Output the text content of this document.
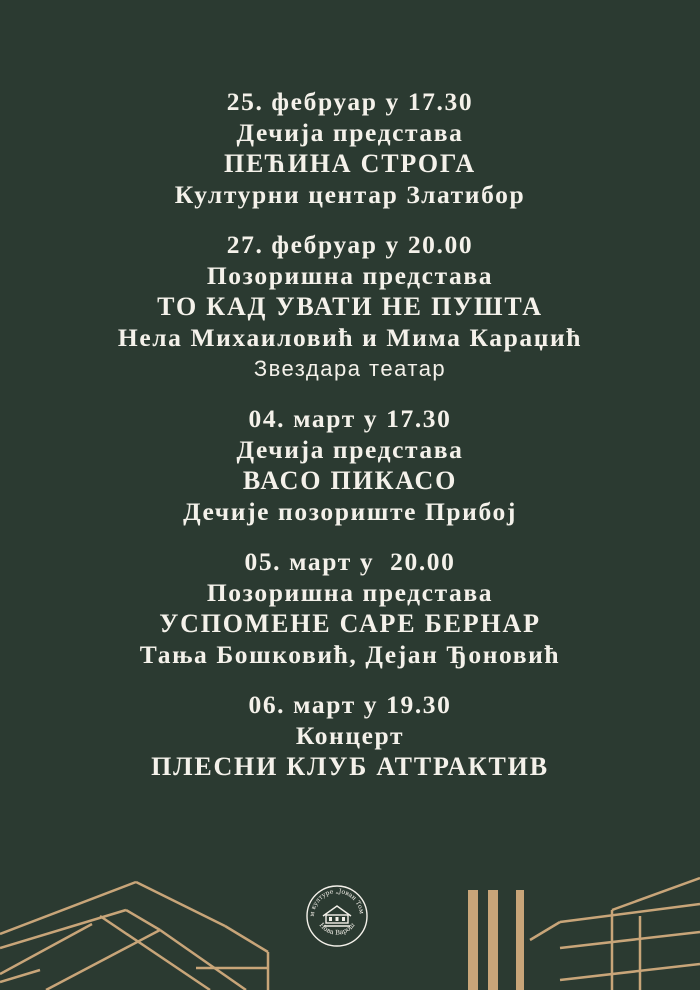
25. фебруар у 17.30
Дечија представа
ПЕЋИНА СТРОГА
Културни центар Златибор
27. фебруар у 20.00
Позоришна представа
ТО КАД УВАТИ НЕ ПУШТА
Нела Михаиловић и Мима Караџић
Звездара театар
04. март у 17.30
Дечија представа
ВАСО ПИКАСО
Дечије позориште Прибој
05. март у  20.00
Позоришна представа
УСПОМЕНЕ САРЕ БЕРНАР
Тања Бошковић, Дејан Ђоновић
06. март у 19.30
Концерт
ПЛЕСНИ КЛУБ АТТРАКТИВ
м културе „Јован Том
Нова Варош
